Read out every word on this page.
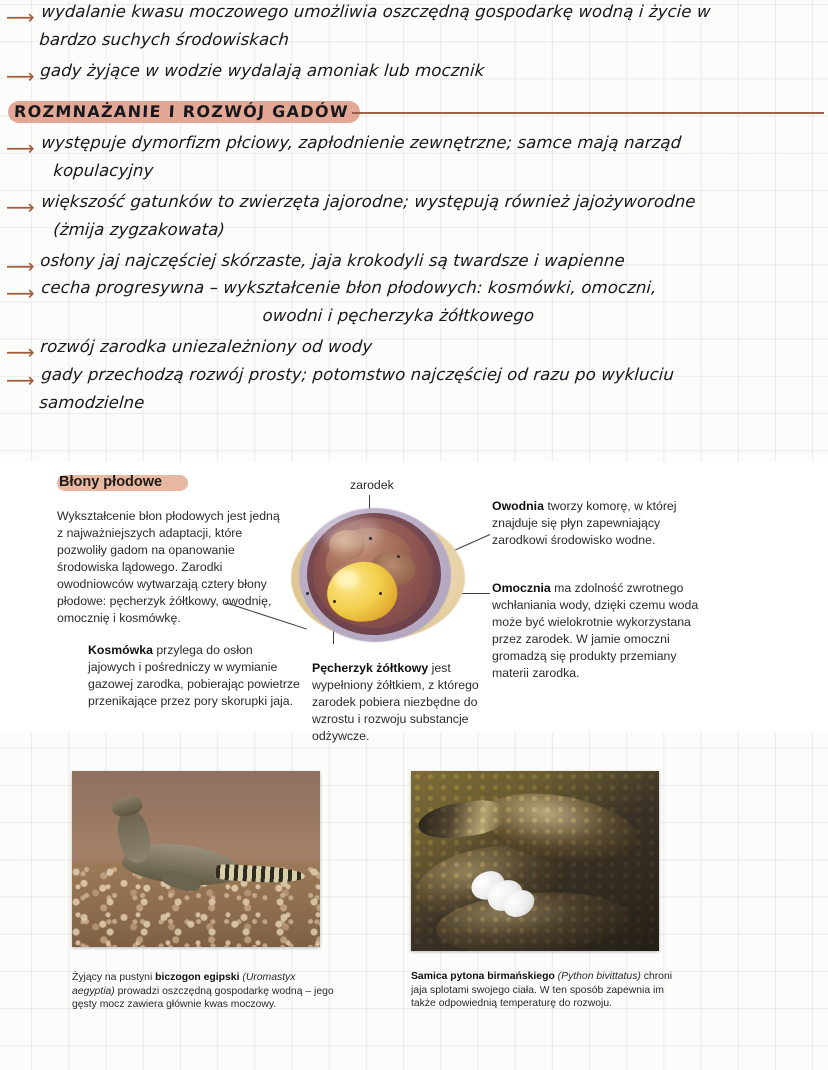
⟶ wydalanie kwasu moczowego umożliwia oszczędną gospodarkę wodną i życie w
bardzo suchych środowiskach
⟶ gady żyjące w wodzie wydalają amoniak lub mocznik
ROZMNAŻANIE I ROZWÓJ GADÓW
⟶ występuje dymorfizm płciowy, zapłodnienie zewnętrzne; samce mają narząd
kopulacyjny
⟶ większość gatunków to zwierzęta jajorodne; występują również jajożyworodne
(żmija zygzakowata)
⟶ osłony jaj najczęściej skórzaste, jaja krokodyli są twardsze i wapienne
⟶ cecha progresywna – wykształcenie błon płodowych: kosmówki, omoczni,
owodni i pęcherzyka żółtkowego
⟶ rozwój zarodka uniezależniony od wody
⟶ gady przechodzą rozwój prosty; potomstwo najczęściej od razu po wykluciu
samodzielne
Błony płodowe

Wykształcenie błon płodowych jest jedną z najważniejszych adaptacji, które pozwoliły gadom na opanowanie środowiska lądowego. Zarodki owodniowców wytwarzają cztery błony płodowe: pęcherzyk żółtkowy, owodnię, omocznię i kosmówkę.

Kosmówka przylega do osłon jajowych i pośredniczy w wymianie gazowej zarodka, pobierając powietrze przenikające przez pory skorupki jaja.

Pęcherzyk żółtkowy jest wypełniony żółtkiem, z którego zarodek pobiera niezbędne do wzrostu i rozwoju substancje odżywcze.

Owodnia tworzy komorę, w której znajduje się płyn zapewniający zarodkowi środowisko wodne.

Omocznia ma zdolność zwrotnego wchłaniania wody, dzięki czemu woda może być wielokrotnie wykorzystana przez zarodek. W jamie omoczni gromadzą się produkty przemiany materii zarodka.

zarodek

Żyjący na pustyni biczogon egipski (Uromastyx aegyptia) prowadzi oszczędną gospodarkę wodną – jego gęsty mocz zawiera głównie kwas moczowy.

Samica pytona birmańskiego (Python bivittatus) chroni jaja splotami swojego ciała. W ten sposób zapewnia im także odpowiednią temperaturę do rozwoju.
